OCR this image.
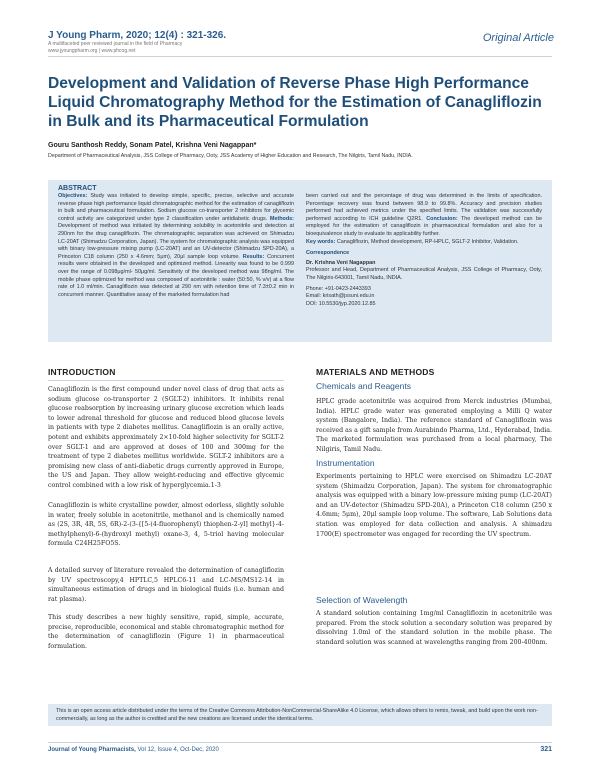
J Young Pharm, 2020; 12(4) : 321-326.
A multifaceted peer reviewed journal in the field of Pharmacy
www.jyoungpharm.org | www.phcog.net
Original Article
Development and Validation of Reverse Phase High Performance Liquid Chromatography Method for the Estimation of Canagliflozin in Bulk and its Pharmaceutical Formulation
Gouru Santhosh Reddy, Sonam Patel, Krishna Veni Nagappan*
Department of Pharmaceutical Analysis, JSS College of Pharmacy, Ooty, JSS Academy of Higher Education and Research, The Nilgiris, Tamil Nadu, INDIA.
ABSTRACT
Objectives: Study was initiated to develop simple, specific, precise, selective and accurate reverse phase high performance liquid chromatographic method for the estimation of canagliflozin in bulk and pharmaceutical formulation. Sodium glucose co-transporter 2 inhibitors for glycemic control activity are categorized under type 2 classification under antidiabetic drugs. Methods: Development of method was initiated by determining solubility in acetonitrile and detection at 290nm for the drug canagliflozin. The chromatographic separation was achieved on Shimadzu LC-20AT (Shimadzu Corporation, Japan). The system for chromatographic analysis was equipped with binary low-pressure mixing pump (LC-20AT) and an UV-detector (Shimadzu SPD-20A), a Princeton C18 column (250 x 4.6mm; 5μm), 20μl sample loop volume. Results: Concurrent results were obtained in the developed and optimized method. Linearity was found to be 0.999 over the range of 0.098μg/ml- 50μg/ml. Sensitivity of the developed method was 98ng/ml. The mobile phase optimized for method was composed of acetonitrile : water (50:50, % v/v) at a flow rate of 1.0 ml/min. Canagliflozin was detected at 290 nm with retention time of 7.3±0.2 min in concurrent manner. Quantitative assay of the marketed formulation had
been carried out and the percentage of drug was determined in the limits of specification. Percentage recovery was found between 98.9 to 99.8%. Accuracy and precision studies performed had achieved metrics under the specified limits. The validation was successfully performed according to ICH guideline Q2R1. Conclusion: The developed method can be employed for the estimation of canagliflozin in pharmaceutical formulation and also for a bioequivalence study to evaluate its applicability further.
Key words: Canagliflozin, Method development, RP-HPLC, SGLT-2 Inhibitor, Validation.
Correspondence
Dr. Krishna Veni Nagappan
Professor and Head, Department of Pharmaceutical Analysis, JSS College of Pharmacy, Ooty, The Nilgiris-643001, Tamil Nadu, INDIA.
Phone: +91-0423-2443393
Email: krisath@jssuni.edu.in
DOI: 10.5530/jyp.2020.12.85
INTRODUCTION
Canagliflozin is the first compound under novel class of drug that acts as sodium glucose co-transporter 2 (SGLT-2) inhibitors. It inhibits renal glucose reabsorption by increasing urinary glucose excretion which leads to lower adrenal threshold for glucose and reduced blood glucose levels in patients with type 2 diabetes mellitus. Canagliflozin is an orally active, potent and exhibits approximately 2×10-fold higher selectivity for SGLT-2 over SGLT-1 and are approved at doses of 100 and 300mg for the treatment of type 2 diabetes mellitus worldwide. SGLT-2 inhibitors are a promising new class of anti-diabetic drugs currently approved in Europe, the US and Japan. They allow weight-reducing and effective glycemic control combined with a low risk of hyperglycemia.1-3
Canagliflozin is white crystalline powder, almost odorless, slightly soluble in water, freely soluble in acetonitrile, methanol and is chemically named as (2S, 3R, 4R, 5S, 6R)-2-(3-{[5-(4-fluorophenyl) thiophen-2-yl] methyl}-4-methylphenyl)-6-(hydroxyl methyl) oxane-3, 4, 5-triol having molecular formula C24H25FO5S.
A detailed survey of literature revealed the determination of canagliflozin by UV spectroscopy,4 HPTLC,5 HPLC6-11 and LC-MS/MS12-14 in simultaneous estimation of drugs and in biological fluids (i.e. human and rat plasma).
This study describes a new highly sensitive, rapid, simple, accurate, precise, reproducible, economical and stable chromatographic method for the determination of canagliflozin (Figure 1) in pharmaceutical formulation.
MATERIALS AND METHODS
Chemicals and Reagents
HPLC grade acetonitrile was acquired from Merck industries (Mumbai, India). HPLC grade water was generated employing a Milli Q water system (Bangalore, India). The reference standard of Canagliflozin was received as a gift sample from Aurabindo Pharma, Ltd., Hyderabad, India. The marketed formulation was purchased from a local pharmacy, The Nilgiris, Tamil Nadu.
Instrumentation
Experiments pertaining to HPLC were exercised on Shimadzu LC-20AT system (Shimadzu Corporation, Japan). The system for chromatographic analysis was equipped with a binary low-pressure mixing pump (LC-20AT) and an UV-detector (Shimadzu SPD-20A), a Princeton C18 column (250 x 4.6mm; 5μm), 20μl sample loop volume. The software, Lab Solutions data station was employed for data collection and analysis. A shimadzu 1700(E) spectrometer was engaged for recording the UV spectrum.
Selection of Wavelength
A standard solution containing 1mg/ml Canagliflozin in acetonitrile was prepared. From the stock solution a secondary solution was prepared by dissolving 1.0ml of the standard solution in the mobile phase. The standard solution was scanned at wavelengths ranging from 200-400nm.
This is an open access article distributed under the terms of the Creative Commons Attribution-NonCommercial-ShareAlike 4.0 License, which allows others to remix, tweak, and build upon the work non-commercially, as long as the author is credited and the new creations are licensed under the identical terms.
Journal of Young Pharmacists, Vol 12, Issue 4, Oct-Dec, 2020	321
